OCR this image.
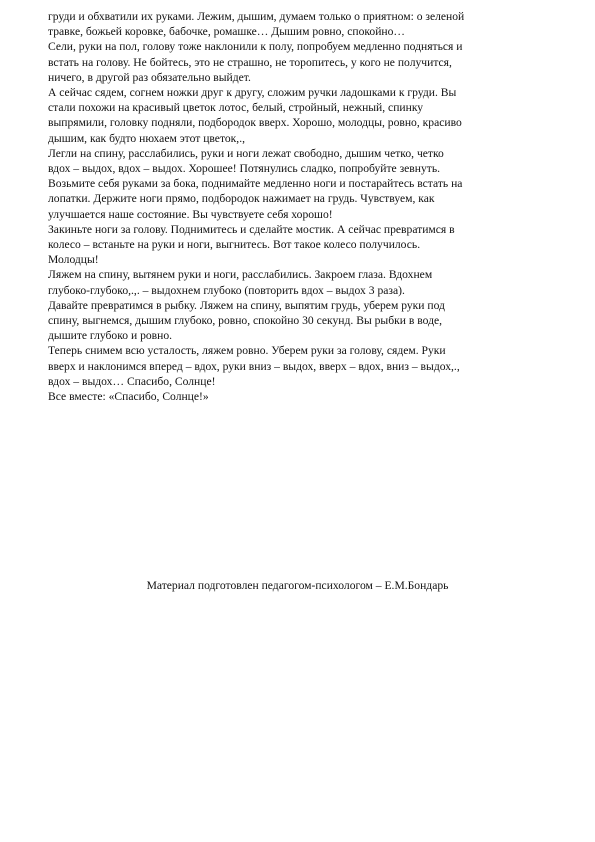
груди и обхватили их руками. Лежим, дышим, думаем только о приятном: о зеленой
травке, божьей коровке, бабочке, ромашке… Дышим ровно, спокойно…
Сели, руки на пол, голову тоже наклонили к полу, попробуем медленно подняться и
встать на голову. Не бойтесь, это не страшно, не торопитесь, у кого не получится,
ничего, в другой раз обязательно выйдет.
А сейчас сядем, согнем ножки друг к другу, сложим ручки ладошками к груди. Вы
стали похожи на красивый цветок лотос, белый, стройный, нежный, спинку
выпрямили, головку подняли, подбородок вверх. Хорошо, молодцы, ровно, красиво
дышим, как будто нюхаем этот цветок,.,
Легли на спину, расслабились, руки и ноги лежат свободно, дышим четко, четко
вдох – выдох, вдох – выдох. Хорошее! Потянулись сладко, попробуйте зевнуть.
Возьмите себя руками за бока, поднимайте медленно ноги и постарайтесь встать на
лопатки. Держите ноги прямо, подбородок нажимает на грудь. Чувствуем, как
улучшается наше состояние. Вы чувствуете себя хорошо!
Закиньте ноги за голову. Поднимитесь и сделайте мостик. А сейчас превратимся в
колесо – встаньте на руки и ноги, выгнитесь. Вот такое колесо получилось.
Молодцы!
Ляжем на спину, вытянем руки и ноги, расслабились. Закроем глаза. Вдохнем
глубоко-глубоко,.,. – выдохнем глубоко (повторить вдох – выдох 3 раза).
Давайте превратимся в рыбку. Ляжем на спину, выпятим грудь, уберем руки под
спину, выгнемся, дышим глубоко, ровно, спокойно 30 секунд. Вы рыбки в воде,
дышите глубоко и ровно.
Теперь снимем всю усталость, ляжем ровно. Уберем руки за голову, сядем. Руки
вверх и наклонимся вперед – вдох, руки вниз – выдох, вверх – вдох, вниз – выдох,.,
вдох – выдох… Спасибо, Солнце!
Все вместе: «Спасибо, Солнце!»
Материал подготовлен педагогом-психологом – Е.М.Бондарь
